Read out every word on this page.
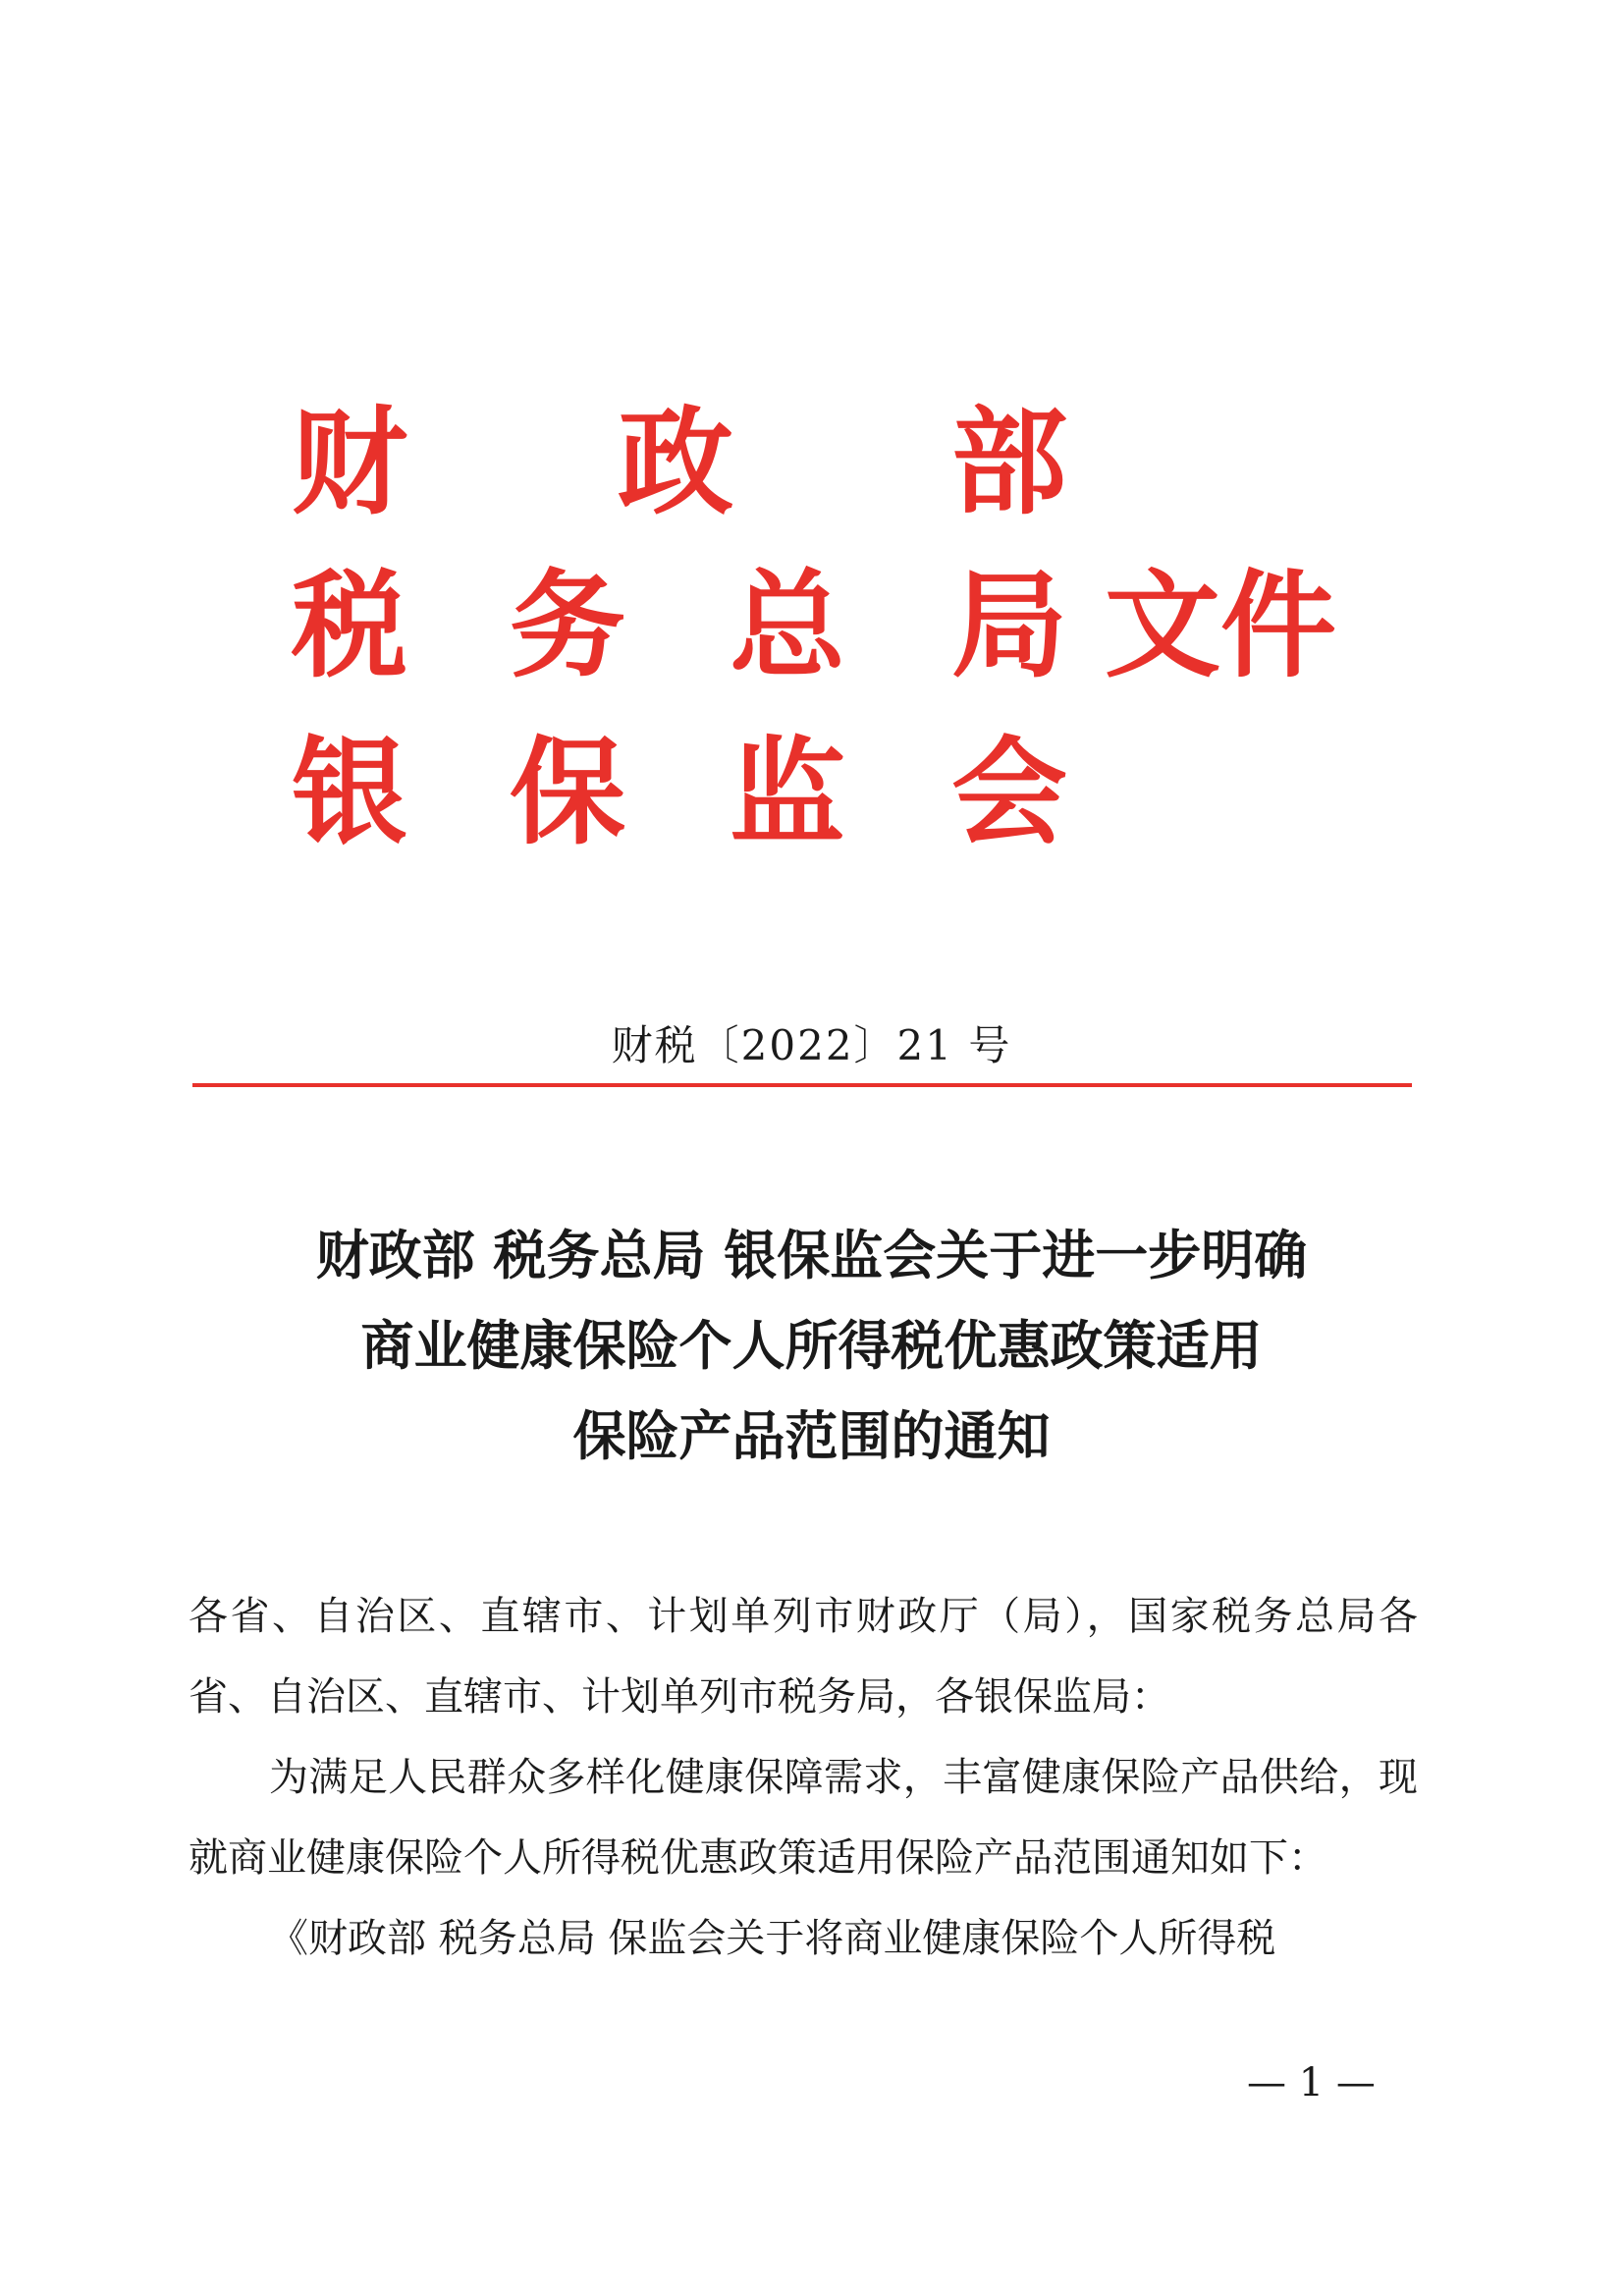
财 政 部
税 务 总 局 文件
银 保 监 会
财税〔2022〕21 号
财政部 税务总局 银保监会关于进一步明确
商业健康保险个人所得税优惠政策适用
保险产品范围的通知

各省、自治区、直辖市、计划单列市财政厅（局），国家税务总局各省、自治区、直辖市、计划单列市税务局，各银保监局：

为满足人民群众多样化健康保障需求，丰富健康保险产品供给，现就商业健康保险个人所得税优惠政策适用保险产品范围通知如下：

《财政部 税务总局 保监会关于将商业健康保险个人所得税

— 1 —
